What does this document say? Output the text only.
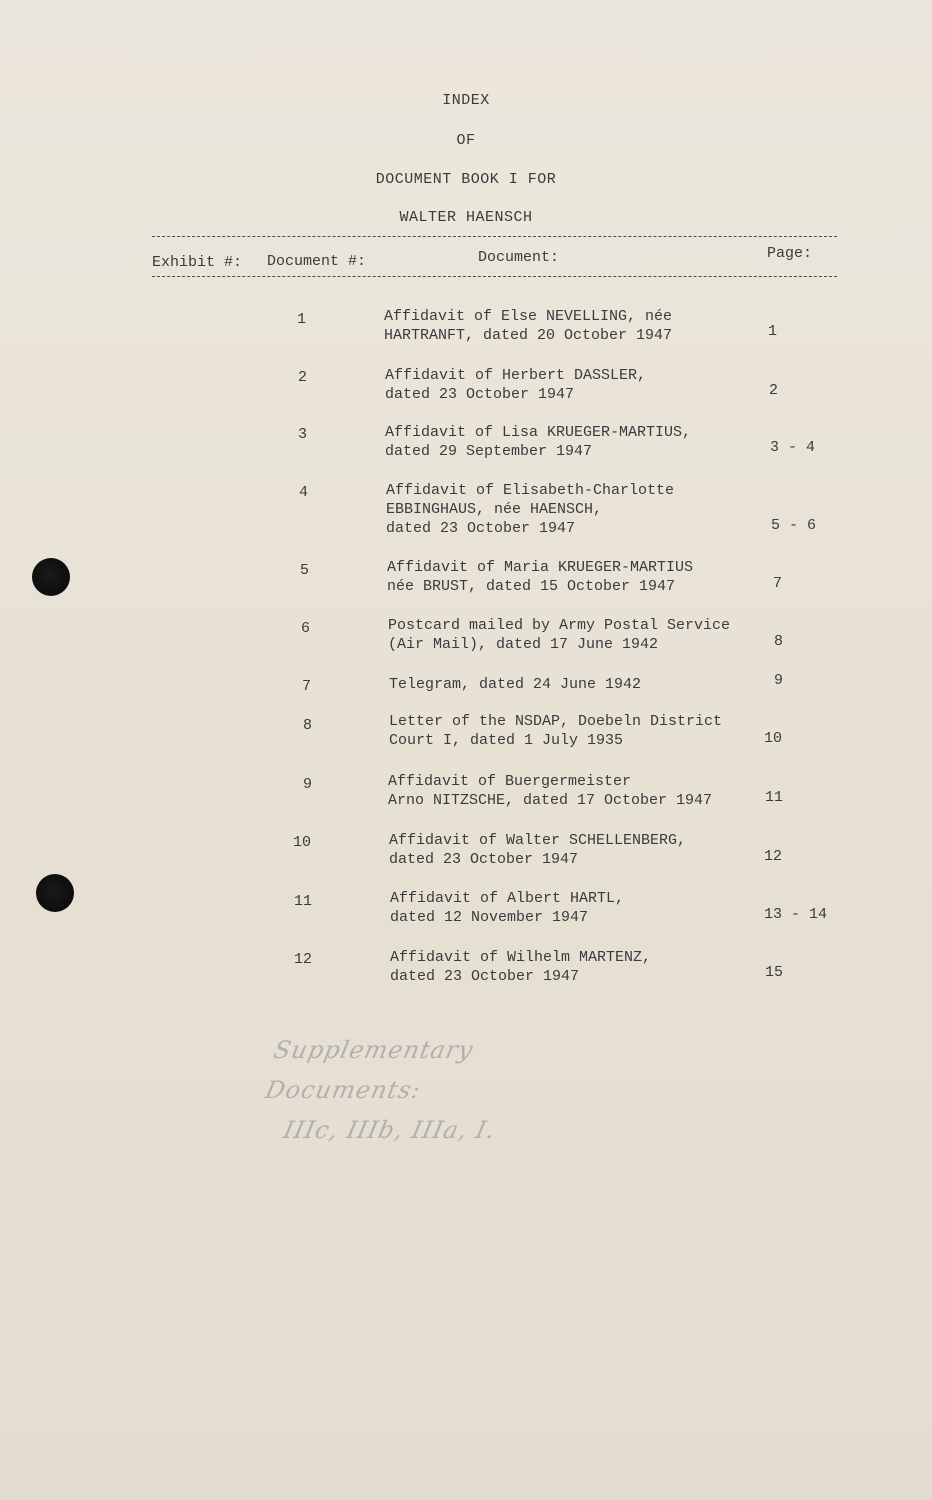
INDEX
OF
DOCUMENT BOOK I FOR
WALTER HAENSCH
Exhibit #: Document #:	Document:	Page:
1	Affidavit of Else NEVELLING, née
HARTRANFT, dated 20 October 1947	1
2	Affidavit of Herbert DASSLER,
dated 23 October 1947	2
3	Affidavit of Lisa KRUEGER-MARTIUS,
dated 29 September 1947	3 - 4
4	Affidavit of Elisabeth-Charlotte
EBBINGHAUS, née HAENSCH,
dated 23 October 1947	5 - 6
5	Affidavit of Maria KRUEGER-MARTIUS
née BRUST, dated 15 October 1947	7
6	Postcard mailed by Army Postal Service
(Air Mail), dated 17 June 1942	8
7	Telegram, dated 24 June 1942	9
8	Letter of the NSDAP, Doebeln District
Court I, dated 1 July 1935	10
9	Affidavit of Buergermeister
Arno NITZSCHE, dated 17 October 1947	11
10	Affidavit of Walter SCHELLENBERG,
dated 23 October 1947	12
11	Affidavit of Albert HARTL,
dated 12 November 1947	13 - 14
12	Affidavit of Wilhelm MARTENZ,
dated 23 October 1947	15
Supplementary Documents:
IIIc, IIIb, IIIa, I.
